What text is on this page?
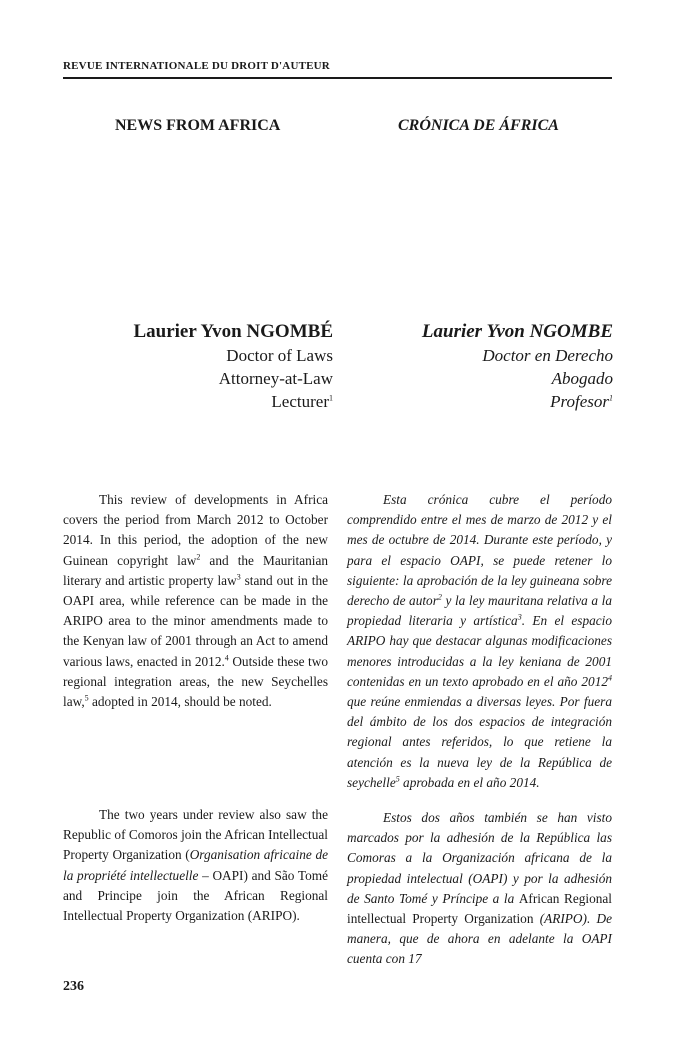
REVUE INTERNATIONALE DU DROIT D'AUTEUR
NEWS FROM AFRICA	CRÓNICA DE ÁFRICA
Laurier Yvon NGOMBÉ
Doctor of Laws
Attorney-at-Law
Lecturer$^1$
Laurier Yvon NGOMBE
Doctor en Derecho
Abogado
Profesor$^1$

This review of developments in Africa covers the period from March 2012 to October 2014. In this period, the adoption of the new Guinean copyright law$^2$ and the Mauritanian literary and artistic property law$^3$ stand out in the OAPI area, while reference can be made in the ARIPO area to the minor amendments made to the Kenyan law of 2001 through an Act to amend various laws, enacted in 2012.$^4$ Outside these two regional integration areas, the new Seychelles law,$^5$ adopted in 2014, should be noted.

The two years under review also saw the Republic of Comoros join the African Intellectual Property Organization (Organisation africaine de la propriété intellectuelle – OAPI) and São Tomé and Principe join the African Regional Intellectual Property Organization (ARIPO).

Esta crónica cubre el período comprendido entre el mes de marzo de 2012 y el mes de octubre de 2014. Durante este período, y para el espacio OAPI, se puede retener lo siguiente: la aprobación de la ley guineana sobre derecho de autor$^2$ y la ley mauritana relativa a la propiedad literaria y artística$^3$. En el espacio ARIPO hay que destacar algunas modificaciones menores introducidas a la ley keniana de 2001 contenidas en un texto aprobado en el año 2012$^4$ que reúne enmiendas a diversas leyes. Por fuera del ámbito de los dos espacios de integración regional antes referidos, lo que retiene la atención es la nueva ley de la República de seychelle$^5$ aprobada en el año 2014.

Estos dos años también se han visto marcados por la adhesión de la República las Comoras a la Organización africana de la propiedad intelectual (OAPI) y por la adhesión de Santo Tomé y Príncipe a la African Regional intellectual Property Organization (ARIPO). De manera, que de ahora en adelante la OAPI cuenta con 17

236
